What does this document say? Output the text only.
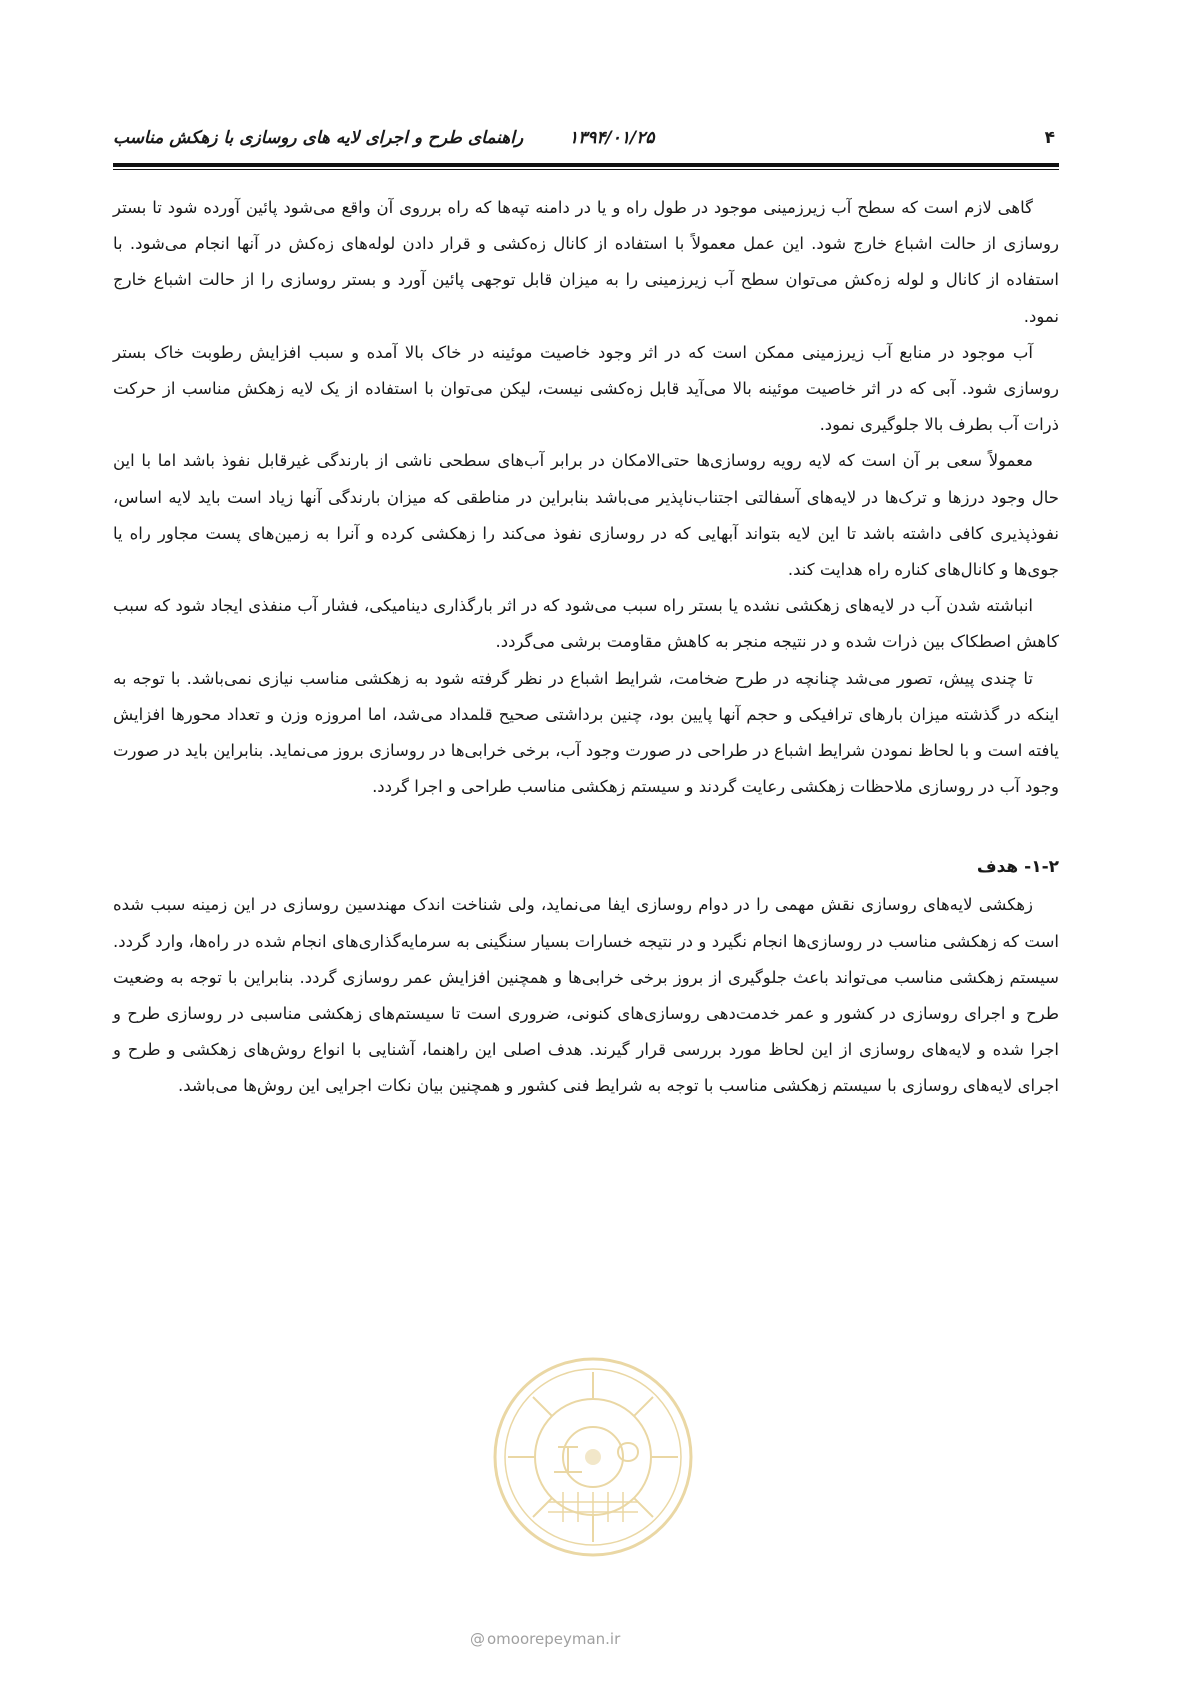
راهنمای طرح و اجرای لایه های روسازی با زهکش مناسب	۱۳۹۴/۰۱/۲۵	۴

گاهی لازم است که سطح آب زیرزمینی موجود در طول راه و یا در دامنه تپه‌ها که راه برروی آن واقع می‌شود پائین آورده شود تا بستر روسازی از حالت اشباع خارج شود. این عمل معمولاً با استفاده از کانال زه‌کشی و قرار دادن لوله‌های زه‌کش در آنها انجام می‌شود. با استفاده از کانال و لوله زه‌کش می‌توان سطح آب زیرزمینی را به میزان قابل توجهی پائین آورد و بستر روسازی را از حالت اشباع خارج نمود.

آب موجود در منابع آب زیرزمینی ممکن است که در اثر وجود خاصیت موئینه در خاک بالا آمده و سبب افزایش رطوبت خاک بستر روسازی شود. آبی که در اثر خاصیت موئینه بالا می‌آید قابل زه‌کشی نیست، لیکن می‌توان با استفاده از یک لایه زهکش مناسب از حرکت ذرات آب بطرف بالا جلوگیری نمود.

معمولاً سعی بر آن است که لایه رویه روسازی‌ها حتی‌الامکان در برابر آب‌های سطحی ناشی از بارندگی غیرقابل نفوذ باشد اما با این حال وجود درزها و ترک‌ها در لایه‌های آسفالتی اجتناب‌ناپذیر می‌باشد بنابراین در مناطقی که میزان بارندگی آنها زیاد است باید لایه اساس، نفوذپذیری کافی داشته باشد تا این لایه بتواند آبهایی که در روسازی نفوذ می‌کند را زهکشی کرده و آنرا به زمین‌های پست مجاور راه یا جوی‌ها و کانال‌های کناره راه هدایت کند.

انباشته شدن آب در لایه‌های زهکشی نشده یا بستر راه سبب می‌شود که در اثر بارگذاری دینامیکی، فشار آب منفذی ایجاد شود که سبب کاهش اصطکاک بین ذرات شده و در نتیجه منجر به کاهش مقاومت برشی می‌گردد.

تا چندی پیش، تصور می‌شد چنانچه در طرح ضخامت، شرایط اشباع در نظر گرفته شود به زهکشی مناسب نیازی نمی‌باشد. با توجه به اینکه در گذشته میزان بارهای ترافیکی و حجم آنها پایین بود، چنین برداشتی صحیح قلمداد می‌شد، اما امروزه وزن و تعداد محورها افزایش یافته است و با لحاظ نمودن شرایط اشباع در طراحی در صورت وجود آب، برخی خرابی‌ها در روسازی بروز می‌نماید. بنابراین باید در صورت وجود آب در روسازی ملاحظات زهکشی رعایت گردند و سیستم زهکشی مناسب طراحی و اجرا گردد.

۱-۲- هدف

زهکشی لایه‌های روسازی نقش مهمی را در دوام روسازی ایفا می‌نماید، ولی شناخت اندک مهندسین روسازی در این زمینه سبب شده است که زهکشی مناسب در روسازی‌ها انجام نگیرد و در نتیجه خسارات بسیار سنگینی به سرمایه‌گذاری‌های انجام شده در راه‌ها، وارد گردد. سیستم زهکشی مناسب می‌تواند باعث جلوگیری از بروز برخی خرابی‌ها و همچنین افزایش عمر روسازی گردد. بنابراین با توجه به وضعیت طرح و اجرای روسازی در کشور و عمر خدمت‌دهی روسازی‌های کنونی، ضروری است تا سیستم‌های زهکشی مناسبی در روسازی طرح و اجرا شده و لایه‌های روسازی از این لحاظ مورد بررسی قرار گیرند. هدف اصلی این راهنما، آشنایی با انواع روش‌های زهکشی و طرح و اجرای لایه‌های روسازی با سیستم زهکشی مناسب با توجه به شرایط فنی کشور و همچنین بیان نکات اجرایی این روش‌ها می‌باشد.

@ omoorepeyman.ir
